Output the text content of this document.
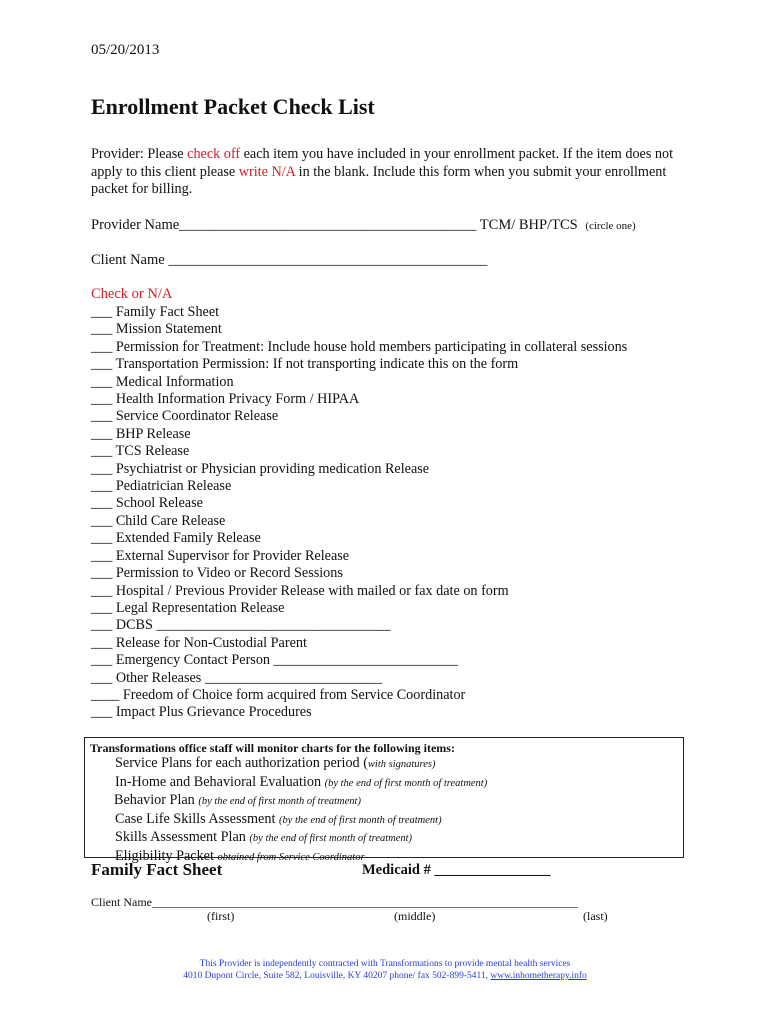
05/20/2013
Enrollment Packet Check List
Provider: Please check off each item you have included in your enrollment packet. If the item does not apply to this client please write N/A in the blank. Include this form when you submit your enrollment packet for billing.
Provider Name_________________________________________ TCM/ BHP/TCS (circle one)
Client Name ____________________________________________
Check or N/A
___ Family Fact Sheet
___ Mission Statement
___ Permission for Treatment: Include house hold members participating in collateral sessions
___ Transportation Permission: If not transporting indicate this on the form
___ Medical Information
___ Health Information Privacy Form / HIPAA
___ Service Coordinator Release
___ BHP Release
___ TCS Release
___ Psychiatrist or Physician providing medication Release
___ Pediatrician Release
___ School Release
___ Child Care Release
___ Extended Family Release
___ External Supervisor for Provider Release
___ Permission to Video or Record Sessions
___ Hospital / Previous Provider Release with mailed or fax date on form
___ Legal Representation Release
___ DCBS _________________________________
___ Release for Non-Custodial Parent
___ Emergency Contact Person __________________________
___ Other Releases _________________________
____ Freedom of Choice form acquired from Service Coordinator
___ Impact Plus Grievance Procedures
Transformations office staff will monitor charts for the following items:
Service Plans for each authorization period (with signatures)
In-Home and Behavioral Evaluation (by the end of first month of treatment)
Behavior Plan (by the end of first month of treatment)
Case Life Skills Assessment (by the end of first month of treatment)
Skills Assessment Plan (by the end of first month of treatment)
Eligibility Packet obtained from Service Coordinator
Family Fact Sheet	Medicaid # ________________
Client Name_______________________________________________________________________
(first)	(middle)	(last)
This Provider is independently contracted with Transformations to provide mental health services
4010 Dupont Circle, Suite 582, Louisville, KY 40207 phone/ fax 502-899-5411, www.inhometherapy.info
